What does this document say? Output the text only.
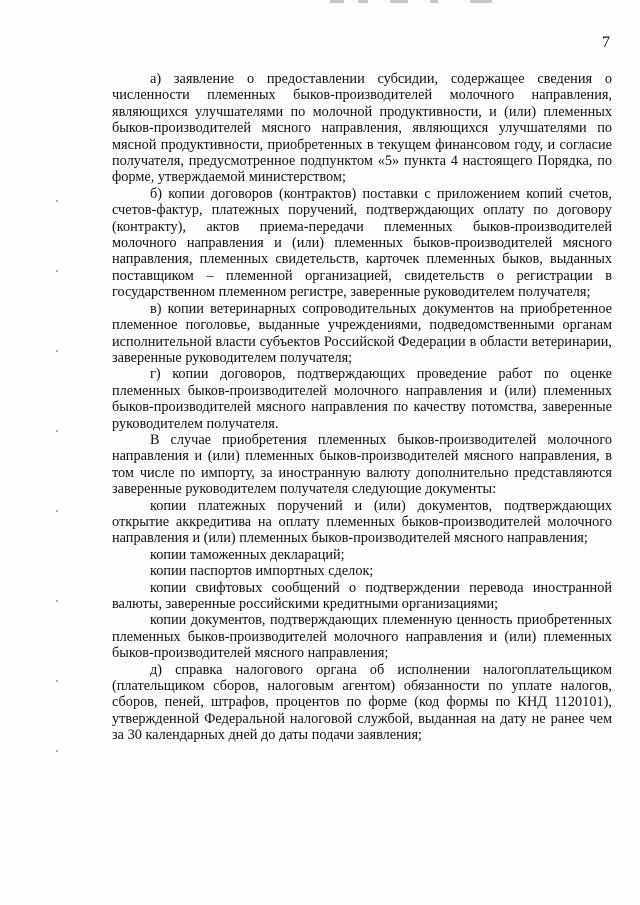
7

а) заявление о предоставлении субсидии, содержащее сведения о численности племенных быков-производителей молочного направления, являющихся улучшателями по молочной продуктивности, и (или) племенных быков-производителей мясного направления, являющихся улучшателями по мясной продуктивности, приобретенных в текущем финансовом году, и согласие получателя, предусмотренное подпунктом «5» пункта 4 настоящего Порядка, по форме, утверждаемой министерством;

б) копии договоров (контрактов) поставки с приложением копий счетов, счетов-фактур, платежных поручений, подтверждающих оплату по договору (контракту), актов приема-передачи племенных быков-производителей молочного направления и (или) племенных быков-производителей мясного направления, племенных свидетельств, карточек племенных быков, выданных поставщиком – племенной организацией, свидетельств о регистрации в государственном племенном регистре, заверенные руководителем получателя;

в) копии ветеринарных сопроводительных документов на приобретенное племенное поголовье, выданные учреждениями, подведомственными органам исполнительной власти субъектов Российской Федерации в области ветеринарии, заверенные руководителем получателя;

г) копии договоров, подтверждающих проведение работ по оценке племенных быков-производителей молочного направления и (или) племенных быков-производителей мясного направления по качеству потомства, заверенные руководителем получателя.

В случае приобретения племенных быков-производителей молочного направления и (или) племенных быков-производителей мясного направления, в том числе по импорту, за иностранную валюту дополнительно представляются заверенные руководителем получателя следующие документы:

копии платежных поручений и (или) документов, подтверждающих открытие аккредитива на оплату племенных быков-производителей молочного направления и (или) племенных быков-производителей мясного направления;

копии таможенных деклараций;

копии паспортов импортных сделок;

копии свифтовых сообщений о подтверждении перевода иностранной валюты, заверенные российскими кредитными организациями;

копии документов, подтверждающих племенную ценность приобретенных племенных быков-производителей молочного направления и (или) племенных быков-производителей мясного направления;

д) справка налогового органа об исполнении налогоплательщиком (плательщиком сборов, налоговым агентом) обязанности по уплате налогов, сборов, пеней, штрафов, процентов по форме (код формы по КНД 1120101), утвержденной Федеральной налоговой службой, выданная на дату не ранее чем за 30 календарных дней до даты подачи заявления;
